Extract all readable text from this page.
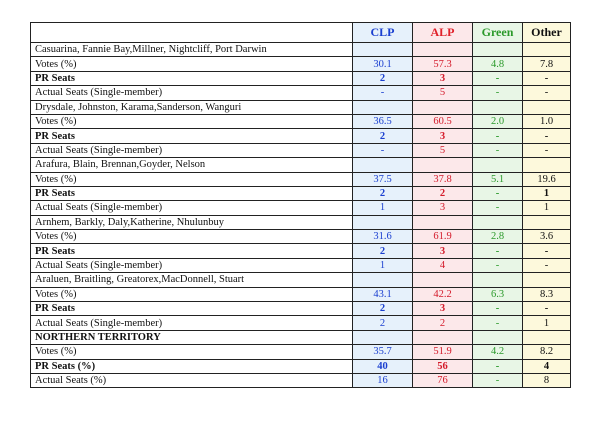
	CLP	ALP	Green	Other
Casuarina, Fannie Bay,Millner, Nightcliff, Port Darwin				
Votes (%)	30.1	57.3	4.8	7.8
PR Seats	2	3	-	-
Actual Seats (Single-member)	-	5	-	-
Drysdale, Johnston, Karama,Sanderson, Wanguri				
Votes (%)	36.5	60.5	2.0	1.0
PR Seats	2	3	-	-
Actual Seats (Single-member)	-	5	-	-
Arafura, Blain, Brennan,Goyder, Nelson				
Votes (%)	37.5	37.8	5.1	19.6
PR Seats	2	2	-	1
Actual Seats (Single-member)	1	3	-	1
Arnhem, Barkly, Daly,Katherine, Nhulunbuy				
Votes (%)	31.6	61.9	2.8	3.6
PR Seats	2	3	-	-
Actual Seats (Single-member)	1	4	-	-
Araluen, Braitling, Greatorex,MacDonnell, Stuart				
Votes (%)	43.1	42.2	6.3	8.3
PR Seats	2	3	-	-
Actual Seats (Single-member)	2	2	-	1
NORTHERN TERRITORY				
Votes (%)	35.7	51.9	4.2	8.2
PR Seats (%)	40	56	-	4
Actual Seats (%)	16	76	-	8
